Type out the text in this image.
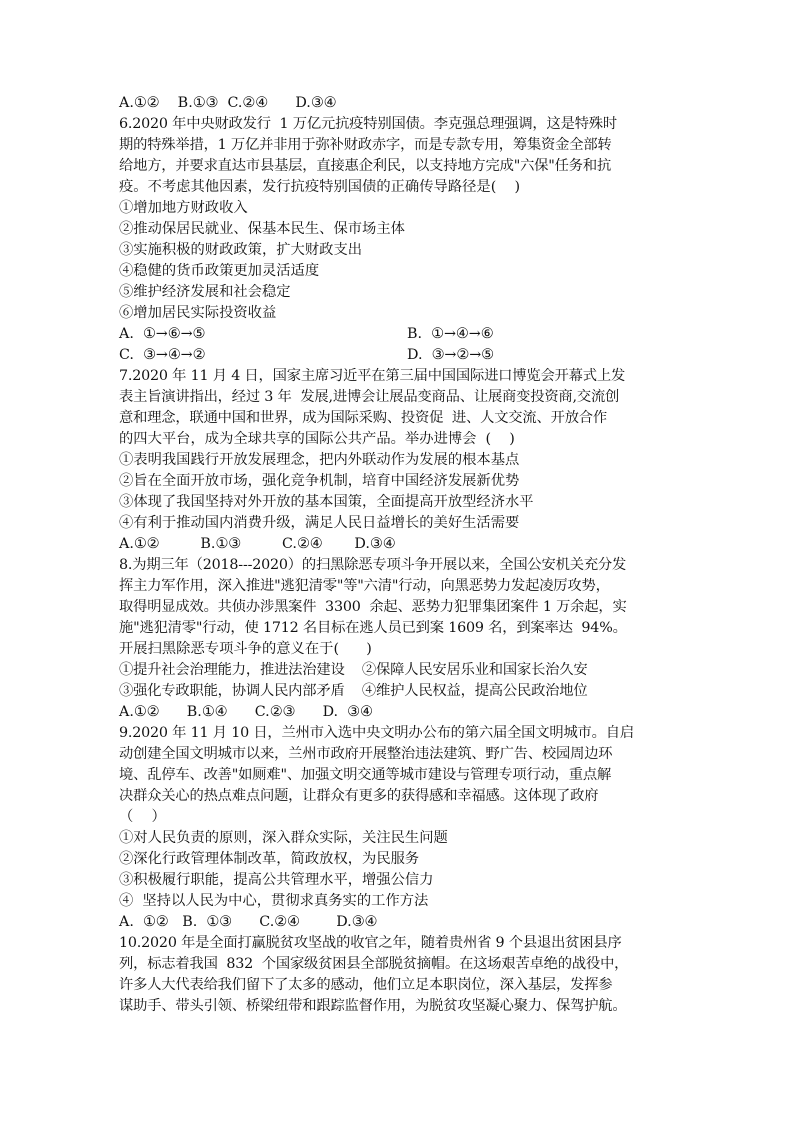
A.①②    B.①③  C.②④      D.③④
6.2020 年中央财政发行  1 万亿元抗疫特别国债。李克强总理强调，这是特殊时
期的特殊举措，1 万亿并非用于弥补财政赤字，而是专款专用，筹集资金全部转
给地方，并要求直达市县基层，直接惠企利民，以支持地方完成"六保"任务和抗
疫。不考虑其他因素，发行抗疫特别国债的正确传导路径是(    )
①增加地方财政收入
②推动保居民就业、保基本民生、保市场主体
③实施积极的财政政策，扩大财政支出
④稳健的货币政策更加灵活适度
⑤维护经济发展和社会稳定
⑥增加居民实际投资收益
A.  ①→⑥→⑤	B.  ①→④→⑥
C.  ③→④→②	D.  ③→②→⑤
7.2020 年 11 月 4 日，国家主席习近平在第三届中国国际进口博览会开幕式上发
表主旨演讲指出，经过 3 年  发展,进博会让展品变商品、让展商变投资商,交流创
意和理念，联通中国和世界，成为国际采购、投资促  进、人文交流、开放合作
的四大平台，成为全球共享的国际公共产品。举办进博会  (    )
①表明我国践行开放发展理念，把内外联动作为发展的根本基点
②旨在全面开放市场，强化竞争机制，培育中国经济发展新优势
③体现了我国坚持对外开放的基本国策，全面提高开放型经济水平
④有利于推动国内消费升级，满足人民日益增长的美好生活需要
A.①②         B.①③         C.②④       D.③④
8.为期三年（2018---2020）的扫黑除恶专项斗争开展以来，全国公安机关充分发
挥主力军作用，深入推进"逃犯清零"等"六清"行动，向黑恶势力发起凌厉攻势，
取得明显成效。共侦办涉黑案件  3300  余起、恶势力犯罪集团案件 1 万余起，实
施"逃犯清零"行动，使 1712 名目标在逃人员已到案 1609 名，到案率达  94%。
开展扫黑除恶专项斗争的意义在于(      )
①提升社会治理能力，推进法治建设    ②保障人民安居乐业和国家长治久安
③强化专政职能，协调人民内部矛盾    ④维护人民权益，提高公民政治地位
A.①②      B.①④      C.②③      D.  ③④
9.2020 年 11 月 10 日，兰州市入选中央文明办公布的第六届全国文明城市。自启
动创建全国文明城市以来，兰州市政府开展整治违法建筑、野广告、校园周边环
境、乱停车、改善"如厕难"、加强文明交通等城市建设与管理专项行动，重点解
决群众关心的热点难点问题，让群众有更多的获得感和幸福感。这体现了政府
（    ）
①对人民负责的原则，深入群众实际，关注民生问题
②深化行政管理体制改革，简政放权，为民服务
③积极履行职能，提高公共管理水平，增强公信力
④  坚持以人民为中心，贯彻求真务实的工作方法
A.  ①②   B.  ①③      C.②④        D.③④
10.2020 年是全面打赢脱贫攻坚战的收官之年，随着贵州省 9 个县退出贫困县序
列，标志着我国  832  个国家级贫困县全部脱贫摘帽。在这场艰苦卓绝的战役中，
许多人大代表给我们留下了太多的感动，他们立足本职岗位，深入基层，发挥参
谋助手、带头引领、桥梁纽带和跟踪监督作用，为脱贫攻坚凝心聚力、保驾护航。
